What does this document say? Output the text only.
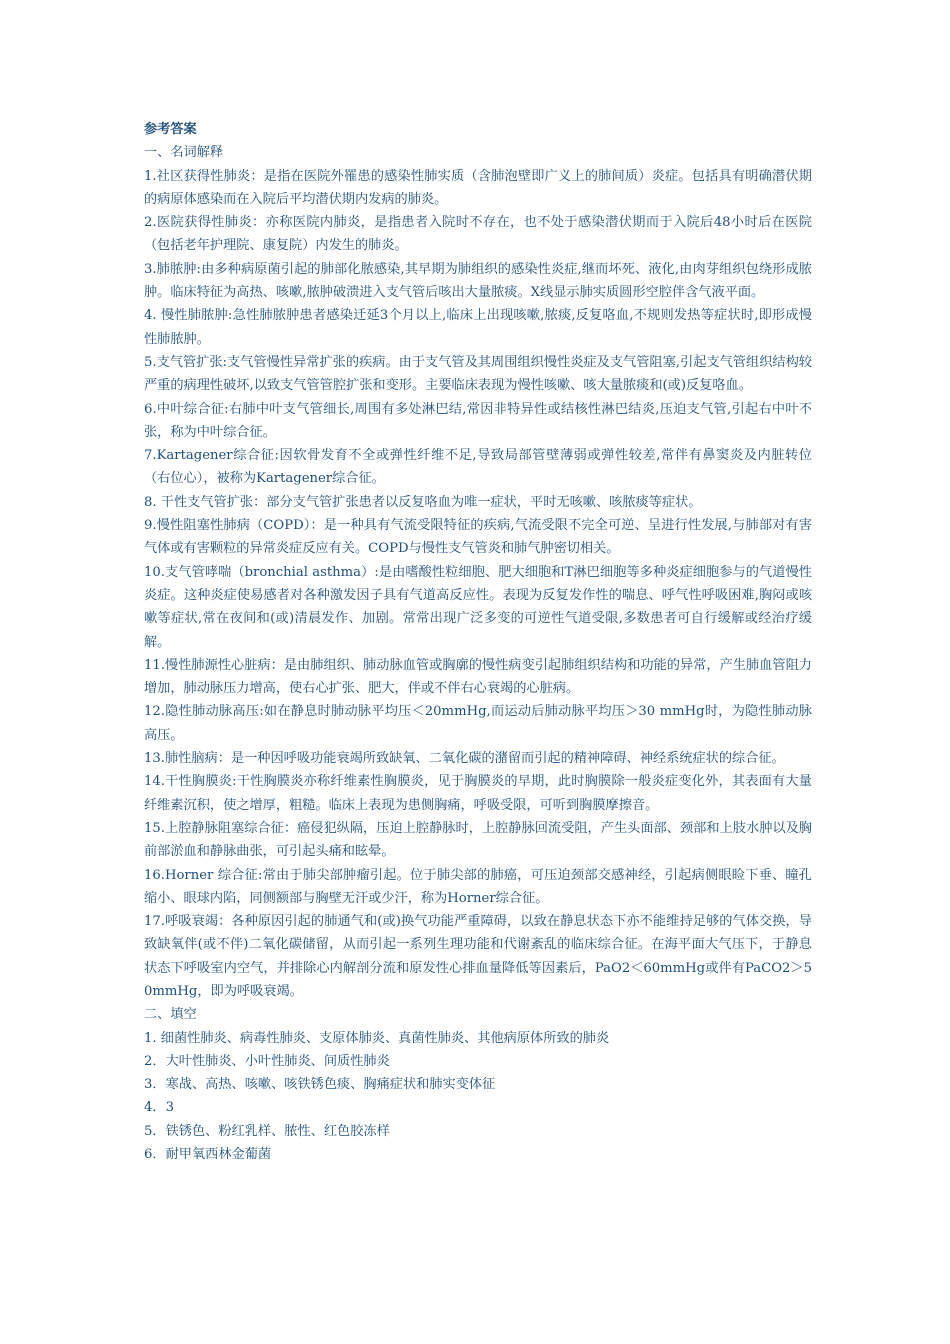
参考答案

一、名词解释

1.社区获得性肺炎：是指在医院外罹患的感染性肺实质（含肺泡壁即广义上的肺间质）炎症。包括具有明确潜伏期的病原体感染而在入院后平均潜伏期内发病的肺炎。

2.医院获得性肺炎：亦称医院内肺炎，是指患者入院时不存在，也不处于感染潜伏期而于入院后48小时后在医院（包括老年护理院、康复院）内发生的肺炎。

3.肺脓肿:由多种病原菌引起的肺部化脓感染,其早期为肺组织的感染性炎症,继而坏死、液化,由肉芽组织包绕形成脓肿。临床特征为高热、咳嗽,脓肿破溃进入支气管后咳出大量脓痰。X线显示肺实质圆形空腔伴含气液平面。

4. 慢性肺脓肿:急性肺脓肿患者感染迁延3个月以上,临床上出现咳嗽,脓痰,反复咯血,不规则发热等症状时,即形成慢性肺脓肿。

5.支气管扩张:支气管慢性异常扩张的疾病。由于支气管及其周围组织慢性炎症及支气管阻塞,引起支气管组织结构较严重的病理性破坏,以致支气管管腔扩张和变形。主要临床表现为慢性咳嗽、咳大量脓痰和(或)反复咯血。

6.中叶综合征:右肺中叶支气管细长,周围有多处淋巴结,常因非特异性或结核性淋巴结炎,压迫支气管,引起右中叶不张，称为中叶综合征。

7.Kartagener综合征:因软骨发育不全或弹性纤维不足,导致局部管壁薄弱或弹性较差,常伴有鼻窦炎及内脏转位（右位心），被称为Kartagener综合征。

8. 干性支气管扩张：部分支气管扩张患者以反复咯血为唯一症状，平时无咳嗽、咳脓痰等症状。

9.慢性阻塞性肺病（COPD）：是一种具有气流受限特征的疾病,气流受限不完全可逆、呈进行性发展,与肺部对有害气体或有害颗粒的异常炎症反应有关。COPD与慢性支气管炎和肺气肿密切相关。

10.支气管哮喘（bronchial asthma）:是由嗜酸性粒细胞、肥大细胞和T淋巴细胞等多种炎症细胞参与的气道慢性炎症。这种炎症使易感者对各种激发因子具有气道高反应性。表现为反复发作性的喘息、呼气性呼吸困难,胸闷或咳嗽等症状,常在夜间和(或)清晨发作、加剧。常常出现广泛多变的可逆性气道受限,多数患者可自行缓解或经治疗缓解。

11.慢性肺源性心脏病：是由肺组织、肺动脉血管或胸廓的慢性病变引起肺组织结构和功能的异常，产生肺血管阻力增加，肺动脉压力增高，使右心扩张、肥大，伴或不伴右心衰竭的心脏病。

12.隐性肺动脉高压:如在静息时肺动脉平均压＜20mmHg,而运动后肺动脉平均压＞30 mmHg时，为隐性肺动脉高压。

13.肺性脑病：是一种因呼吸功能衰竭所致缺氧、二氧化碳的潴留而引起的精神障碍、神经系统症状的综合征。

14.干性胸膜炎:干性胸膜炎亦称纤维素性胸膜炎，见于胸膜炎的早期，此时胸膜除一般炎症变化外，其表面有大量纤维素沉积，使之增厚，粗糙。临床上表现为患侧胸痛，呼吸受限，可听到胸膜摩擦音。

15.上腔静脉阻塞综合征：癌侵犯纵隔，压迫上腔静脉时，上腔静脉回流受阻，产生头面部、颈部和上肢水肿以及胸前部淤血和静脉曲张，可引起头痛和眩晕。

16.Horner 综合征:常由于肺尖部肿瘤引起。位于肺尖部的肺癌，可压迫颈部交感神经，引起病侧眼睑下垂、瞳孔缩小、眼球内陷，同侧额部与胸壁无汗或少汗，称为Horner综合征。

17.呼吸衰竭：各种原因引起的肺通气和(或)换气功能严重障碍，以致在静息状态下亦不能维持足够的气体交换，导致缺氧伴(或不伴)二氧化碳储留，从而引起一系列生理功能和代谢紊乱的临床综合征。在海平面大气压下，于静息状态下呼吸室内空气，并排除心内解剖分流和原发性心排血量降低等因素后，PaO2＜60mmHg或伴有PaCO2＞50mmHg，即为呼吸衰竭。

二、填空

1. 细菌性肺炎、病毒性肺炎、支原体肺炎、真菌性肺炎、其他病原体所致的肺炎

2．大叶性肺炎、小叶性肺炎、间质性肺炎

3．寒战、高热、咳嗽、咳铁锈色痰、胸痛症状和肺实变体征

4．3

5．铁锈色、粉红乳样、脓性、红色胶冻样

6．耐甲氧西林金葡菌
